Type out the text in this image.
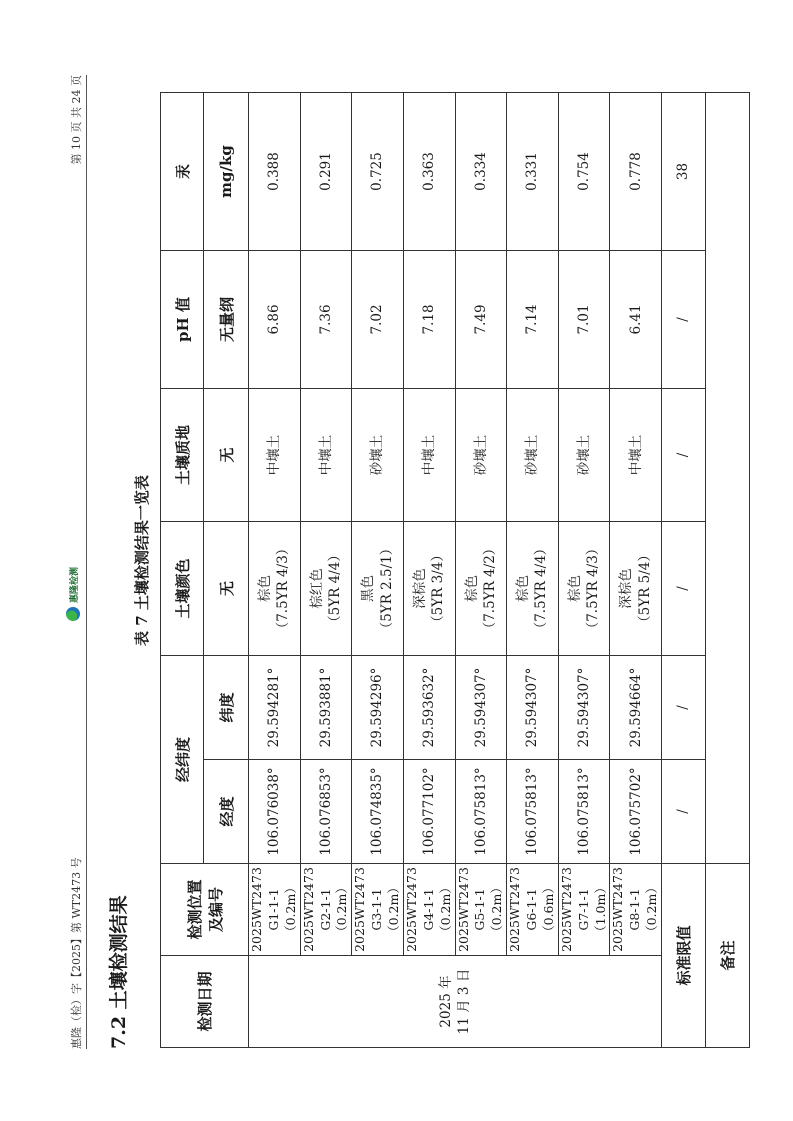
惠隆（检）字【2025】第 WT2473 号
惠隆检测
第 10 页 共 24 页
7.2 土壤检测结果
表 7 土壤检测结果一览表
检测日期	检测位置 及编号	经纬度		土壤颜色	土壤质地	pH 值	汞
		经度	纬度	无	无	无量纲	mg/kg

2025 年 11 月 3 日	2025WT2473 G1-1-1（0.2m）	106.076038°	29.594281°	棕色 （7.5YR 4/3）	中壤土	6.86	0.388

	2025WT2473 G2-1-1（0.2m）	106.076853°	29.593881°	棕红色 （5YR 4/4）	中壤土	7.36	0.291

	2025WT2473 G3-1-1（0.2m）	106.074835°	29.594296°	黑色 （5YR 2.5/1）	砂壤土	7.02	0.725

	2025WT2473 G4-1-1（0.2m）	106.077102°	29.593632°	深棕色 （5YR 3/4）	中壤土	7.18	0.363

	2025WT2473 G5-1-1（0.2m）	106.075813°	29.594307°	棕色 （7.5YR 4/2）	砂壤土	7.49	0.334

	2025WT2473 G6-1-1（0.6m）	106.075813°	29.594307°	棕色 （7.5YR 4/4）	砂壤土	7.14	0.331

	2025WT2473 G7-1-1（1.0m）	106.075813°	29.594307°	棕色 （7.5YR 4/3）	砂壤土	7.01	0.754

	2025WT2473 G8-1-1（0.2m）	106.075702°	29.594664°	深棕色 （5YR 5/4）	中壤土	6.41	0.778
标准限值		/	/	/	/	/	38
备注							
